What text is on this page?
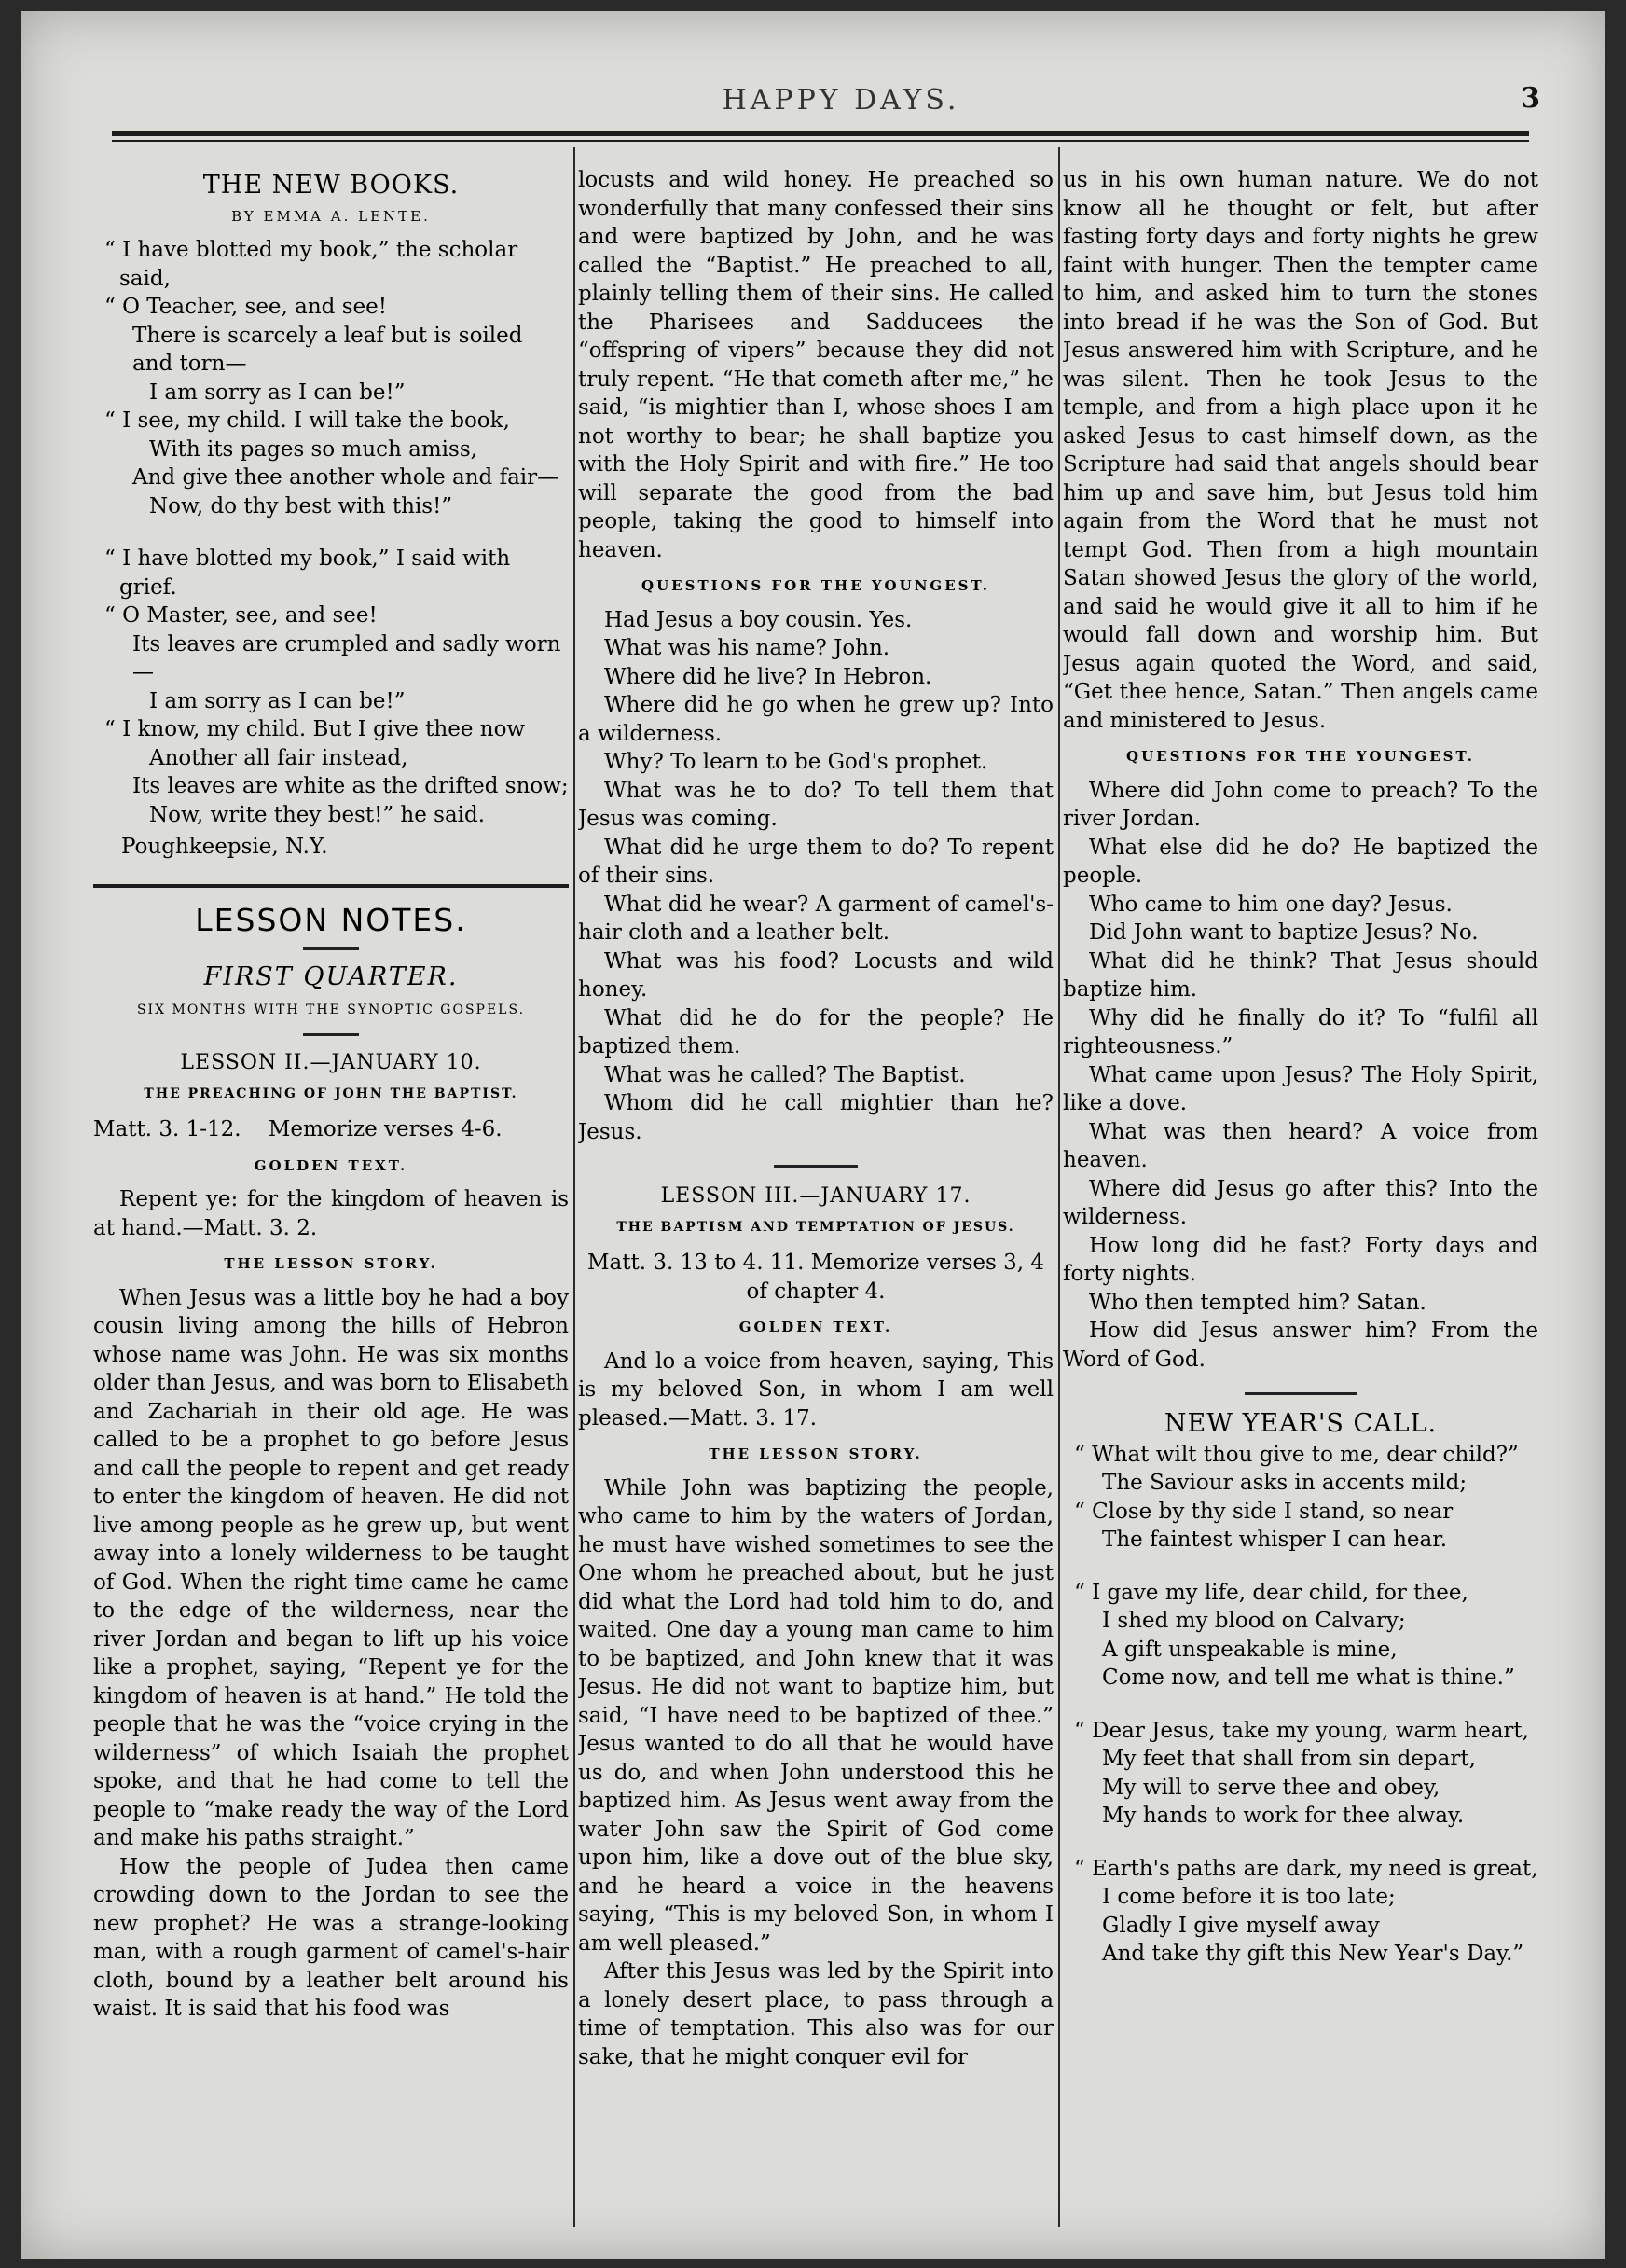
HAPPY DAYS.	3
THE NEW BOOKS.
BY EMMA A. LENTE.

“ I have blotted my book,” the scholar said,

“ O Teacher, see, and see!

There is scarcely a leaf but is soiled and torn—

I am sorry as I can be!”

“ I see, my child. I will take the book,

With its pages so much amiss,

And give thee another whole and fair—

Now, do thy best with this!”

“ I have blotted my book,” I said with grief.

“ O Master, see, and see!

Its leaves are crumpled and sadly worn—

I am sorry as I can be!”

“ I know, my child. But I give thee now

Another all fair instead,

Its leaves are white as the drifted snow;

Now, write they best!” he said.

Poughkeepsie, N.Y.

LESSON NOTES.
FIRST QUARTER.
SIX MONTHS WITH THE SYNOPTIC GOSPELS.
LESSON II.—JANUARY 10.
THE PREACHING OF JOHN THE BAPTIST.

Matt. 3. 1-12.    Memorize verses 4-6.

GOLDEN TEXT.

Repent ye: for the kingdom of heaven is at hand.—Matt. 3. 2.

THE LESSON STORY.

When Jesus was a little boy he had a boy cousin living among the hills of Hebron whose name was John. He was six months older than Jesus, and was born to Elisabeth and Zachariah in their old age. He was called to be a prophet to go before Jesus and call the people to repent and get ready to enter the kingdom of heaven. He did not live among people as he grew up, but went away into a lonely wilderness to be taught of God. When the right time came he came to the edge of the wilderness, near the river Jordan and began to lift up his voice like a prophet, saying, “Repent ye for the kingdom of heaven is at hand.” He told the people that he was the “voice crying in the wilderness” of which Isaiah the prophet spoke, and that he had come to tell the people to “make ready the way of the Lord and make his paths straight.”

How the people of Judea then came crowding down to the Jordan to see the new prophet? He was a strange-looking man, with a rough garment of camel's-hair cloth, bound by a leather belt around his waist. It is said that his food was

locusts and wild honey. He preached so wonderfully that many confessed their sins and were baptized by John, and he was called the “Baptist.” He preached to all, plainly telling them of their sins. He called the Pharisees and Sadducees the “offspring of vipers” because they did not truly repent. “He that cometh after me,” he said, “is mightier than I, whose shoes I am not worthy to bear; he shall baptize you with the Holy Spirit and with fire.” He too will separate the good from the bad people, taking the good to himself into heaven.

QUESTIONS FOR THE YOUNGEST.

Had Jesus a boy cousin. Yes.

What was his name? John.

Where did he live? In Hebron.

Where did he go when he grew up? Into a wilderness.

Why? To learn to be God's prophet.

What was he to do? To tell them that Jesus was coming.

What did he urge them to do? To repent of their sins.

What did he wear? A garment of camel's-hair cloth and a leather belt.

What was his food? Locusts and wild honey.

What did he do for the people? He baptized them.

What was he called? The Baptist.

Whom did he call mightier than he? Jesus.

LESSON III.—JANUARY 17.
THE BAPTISM AND TEMPTATION OF JESUS.

Matt. 3. 13 to 4. 11. Memorize verses 3, 4 of chapter 4.

GOLDEN TEXT.

And lo a voice from heaven, saying, This is my beloved Son, in whom I am well pleased.—Matt. 3. 17.

THE LESSON STORY.

While John was baptizing the people, who came to him by the waters of Jordan, he must have wished sometimes to see the One whom he preached about, but he just did what the Lord had told him to do, and waited. One day a young man came to him to be baptized, and John knew that it was Jesus. He did not want to baptize him, but said, “I have need to be baptized of thee.” Jesus wanted to do all that he would have us do, and when John understood this he baptized him. As Jesus went away from the water John saw the Spirit of God come upon him, like a dove out of the blue sky, and he heard a voice in the heavens saying, “This is my beloved Son, in whom I am well pleased.”

After this Jesus was led by the Spirit into a lonely desert place, to pass through a time of temptation. This also was for our sake, that he might conquer evil for

us in his own human nature. We do not know all he thought or felt, but after fasting forty days and forty nights he grew faint with hunger. Then the tempter came to him, and asked him to turn the stones into bread if he was the Son of God. But Jesus answered him with Scripture, and he was silent. Then he took Jesus to the temple, and from a high place upon it he asked Jesus to cast himself down, as the Scripture had said that angels should bear him up and save him, but Jesus told him again from the Word that he must not tempt God. Then from a high mountain Satan showed Jesus the glory of the world, and said he would give it all to him if he would fall down and worship him. But Jesus again quoted the Word, and said, “Get thee hence, Satan.” Then angels came and ministered to Jesus.

QUESTIONS FOR THE YOUNGEST.

Where did John come to preach? To the river Jordan.

What else did he do? He baptized the people.

Who came to him one day? Jesus.

Did John want to baptize Jesus? No.

What did he think? That Jesus should baptize him.

Why did he finally do it? To “fulfil all righteousness.”

What came upon Jesus? The Holy Spirit, like a dove.

What was then heard? A voice from heaven.

Where did Jesus go after this? Into the wilderness.

How long did he fast? Forty days and forty nights.

Who then tempted him? Satan.

How did Jesus answer him? From the Word of God.

NEW YEAR'S CALL.

“ What wilt thou give to me, dear child?”

The Saviour asks in accents mild;

“ Close by thy side I stand, so near

The faintest whisper I can hear.

“ I gave my life, dear child, for thee,

I shed my blood on Calvary;

A gift unspeakable is mine,

Come now, and tell me what is thine.”

“ Dear Jesus, take my young, warm heart,

My feet that shall from sin depart,

My will to serve thee and obey,

My hands to work for thee alway.

“ Earth's paths are dark, my need is great,

I come before it is too late;

Gladly I give myself away

And take thy gift this New Year's Day.”
